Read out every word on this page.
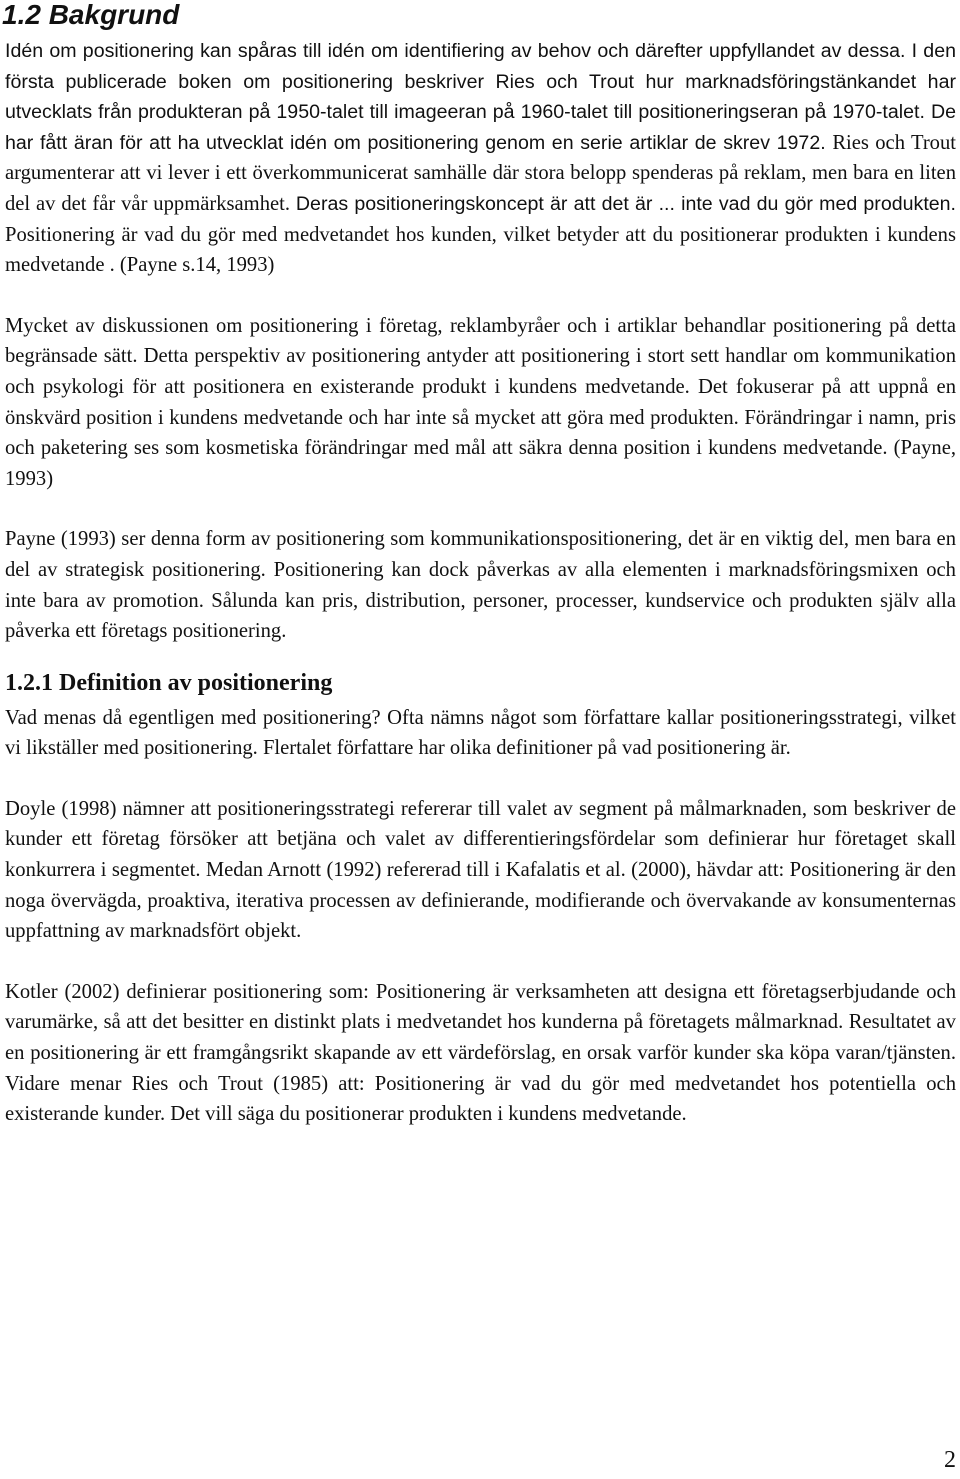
1.2 Bakgrund

Idén om positionering kan spåras till idén om identifiering av behov och därefter uppfyllandet av dessa. I den första publicerade boken om positionering beskriver Ries och Trout hur marknadsföringstänkandet har utvecklats från produkteran på 1950-talet till imageeran på 1960-talet till positioneringseran på 1970-talet. De har fått äran för att ha utvecklat idén om positionering genom en serie artiklar de skrev 1972. Ries och Trout argumenterar att vi lever i ett överkommunicerat samhälle där stora belopp spenderas på reklam, men bara en liten del av det får vår uppmärksamhet. Deras positioneringskoncept är att det är ... inte vad du gör med produkten. Positionering är vad du gör med medvetandet hos kunden, vilket betyder att du positionerar produkten i kundens medvetande . (Payne s.14, 1993)

Mycket av diskussionen om positionering i företag, reklambyråer och i artiklar behandlar positionering på detta begränsade sätt. Detta perspektiv av positionering antyder att positionering i stort sett handlar om kommunikation och psykologi för att positionera en existerande produkt i kundens medvetande. Det fokuserar på att uppnå en önskvärd position i kundens medvetande och har inte så mycket att göra med produkten. Förändringar i namn, pris och paketering ses som kosmetiska förändringar med mål att säkra denna position i kundens medvetande. (Payne, 1993)

Payne (1993) ser denna form av positionering som kommunikationspositionering, det är en viktig del, men bara en del av strategisk positionering. Positionering kan dock påverkas av alla elementen i marknadsföringsmixen och inte bara av promotion. Sålunda kan pris, distribution, personer, processer, kundservice och produkten själv alla påverka ett företags positionering.

1.2.1 Definition av positionering

Vad menas då egentligen med positionering? Ofta nämns något som författare kallar positioneringsstrategi, vilket vi likställer med positionering. Flertalet författare har olika definitioner på vad positionering är.

Doyle (1998) nämner att positioneringsstrategi refererar till valet av segment på målmarknaden, som beskriver de kunder ett företag försöker att betjäna och valet av differentieringsfördelar som definierar hur företaget skall konkurrera i segmentet. Medan Arnott (1992) refererad till i Kafalatis et al. (2000), hävdar att: Positionering är den noga övervägda, proaktiva, iterativa processen av definierande, modifierande och övervakande av konsumenternas uppfattning av marknadsfört objekt.

Kotler (2002) definierar positionering som: Positionering är verksamheten att designa ett företagserbjudande och varumärke, så att det besitter en distinkt plats i medvetandet hos kunderna på företagets målmarknad. Resultatet av en positionering är ett framgångsrikt skapande av ett värdeförslag, en orsak varför kunder ska köpa varan/tjänsten. Vidare menar Ries och Trout (1985) att: Positionering är vad du gör med medvetandet hos potentiella och existerande kunder. Det vill säga du positionerar produkten i kundens medvetande.

2
